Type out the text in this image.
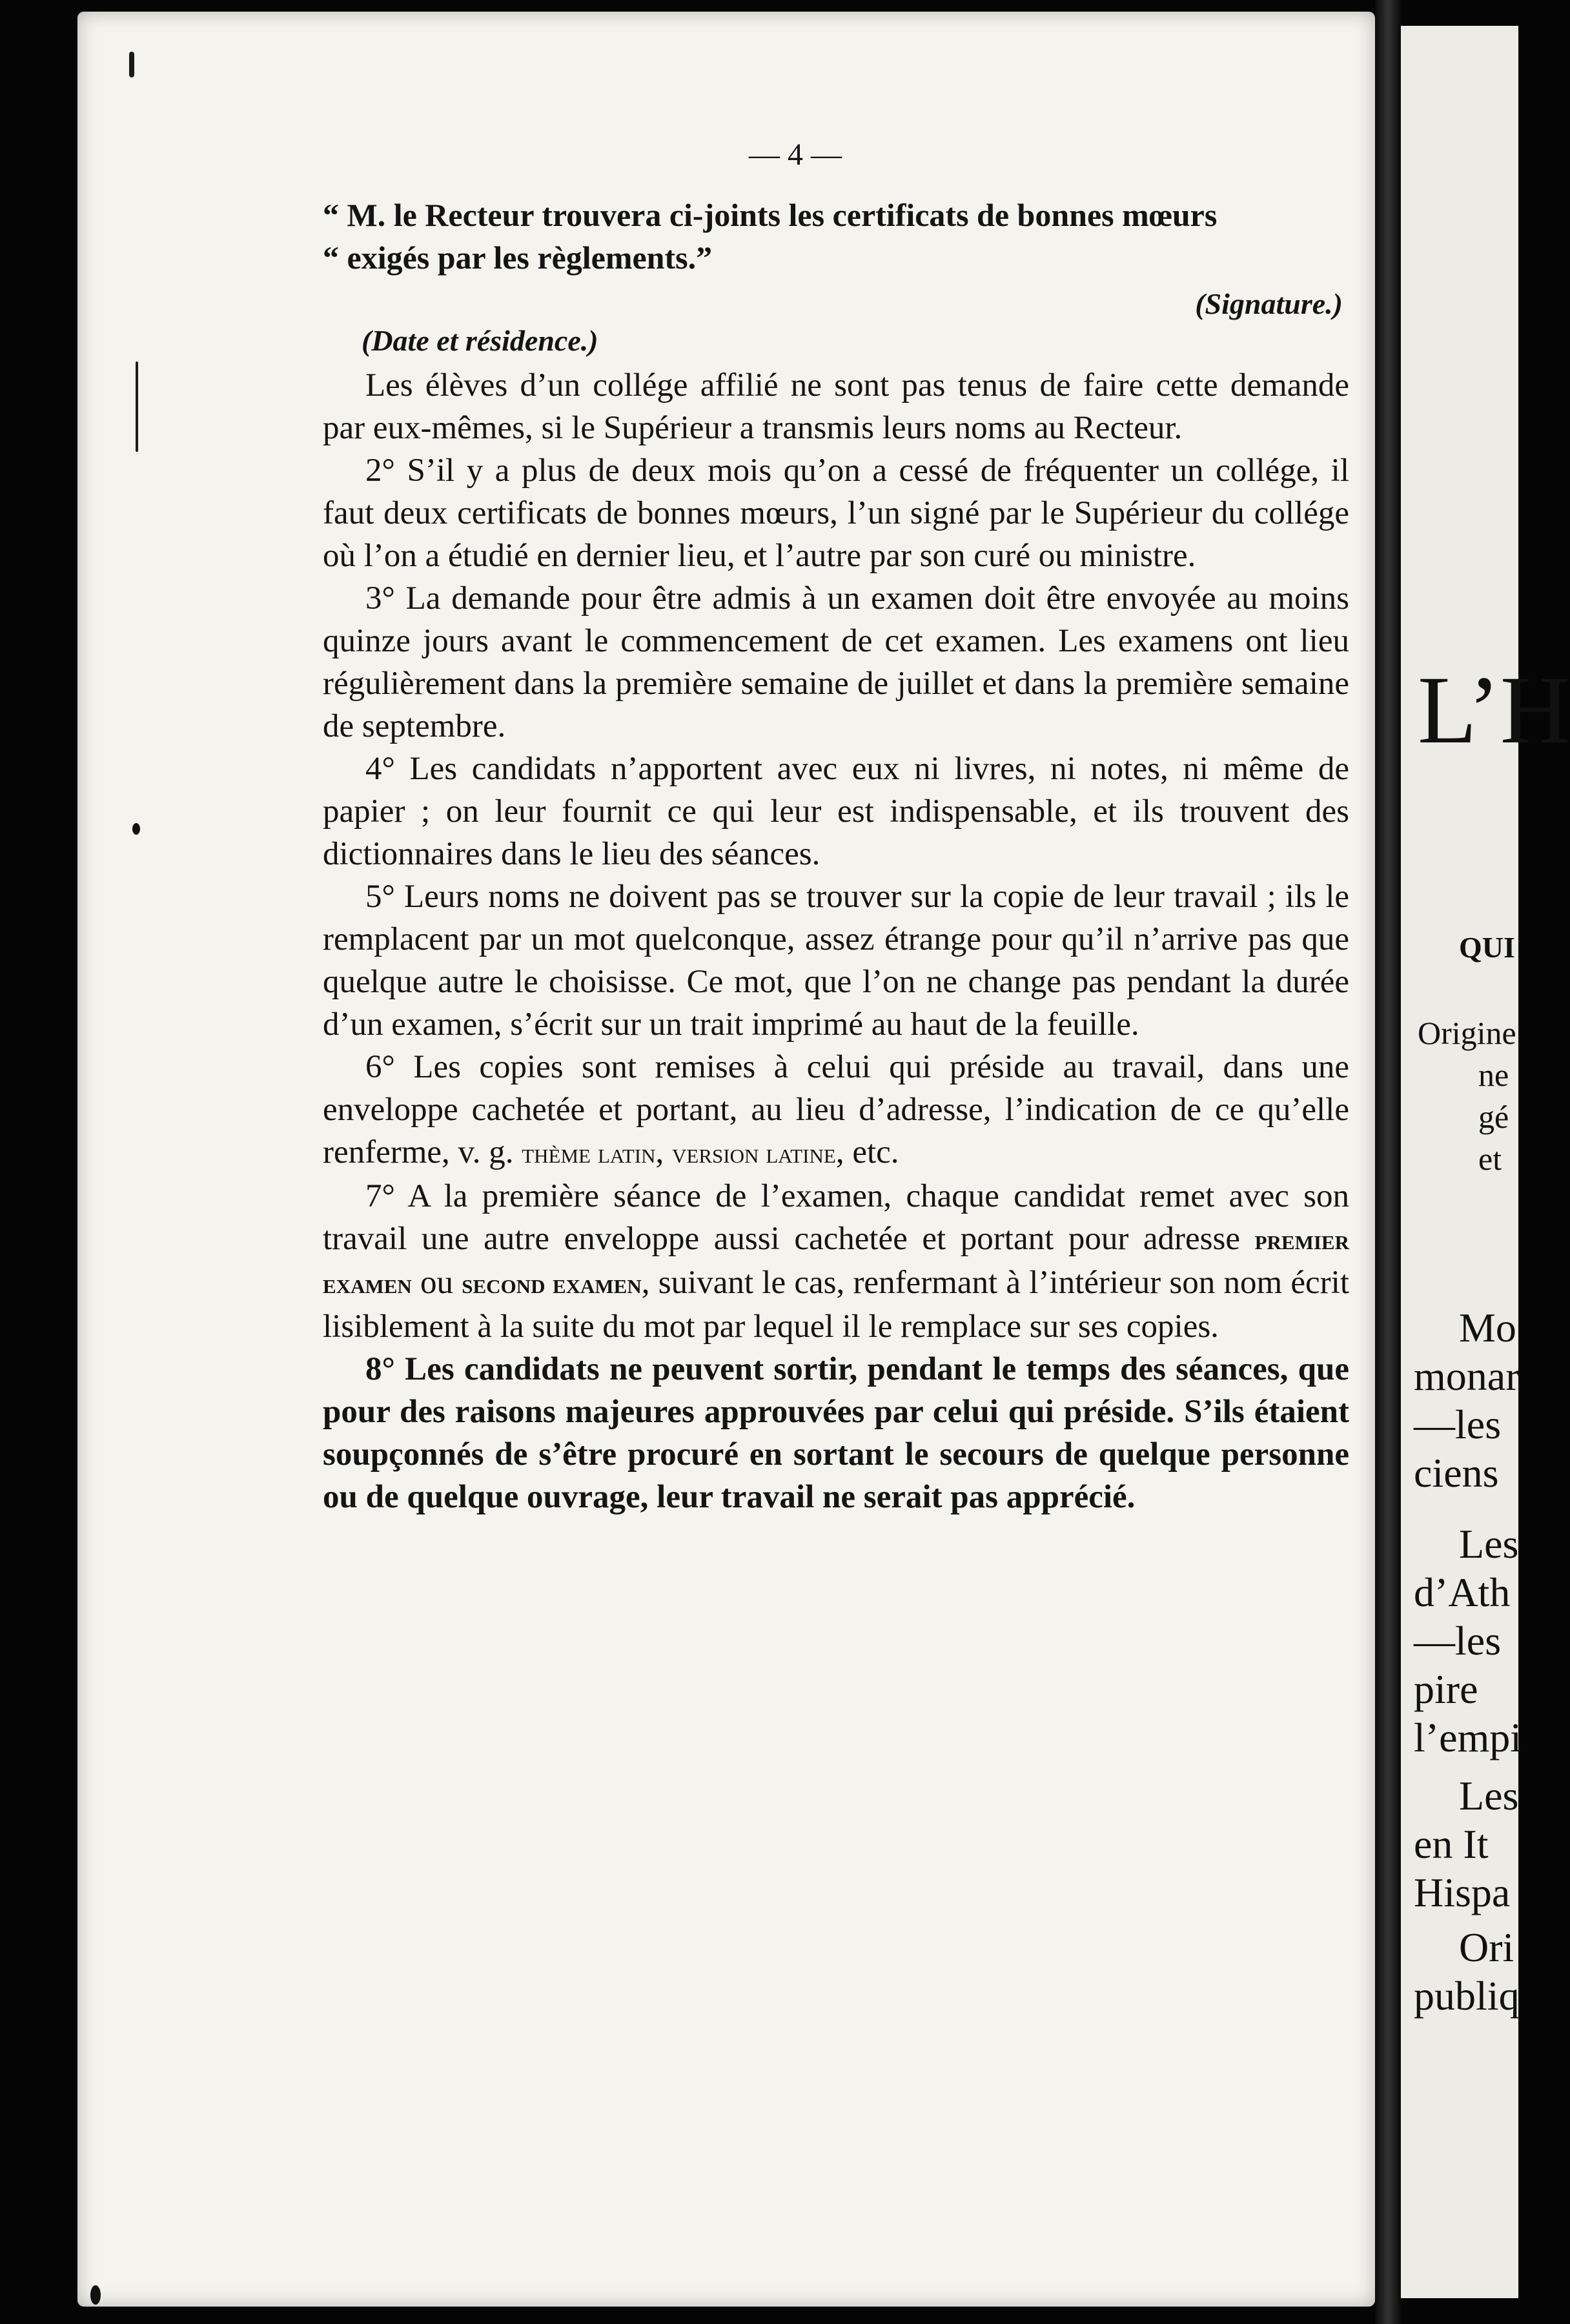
— 4 —

“ M. le Recteur trouvera ci-joints les certificats de bonnes mœurs

“ exigés par les règlements.”

(Signature.)

(Date et résidence.)

Les élèves d’un collége affilié ne sont pas tenus de faire cette demande par eux-mêmes, si le Supérieur a transmis leurs noms au Recteur.

2° S’il y a plus de deux mois qu’on a cessé de fréquenter un collége, il faut deux certificats de bonnes mœurs, l’un signé par le Supérieur du collége où l’on a étudié en dernier lieu, et l’autre par son curé ou ministre.

3° La demande pour être admis à un examen doit être envoyée au moins quinze jours avant le commencement de cet examen. Les examens ont lieu régulièrement dans la première semaine de juillet et dans la première semaine de septembre.

4° Les candidats n’apportent avec eux ni livres, ni notes, ni même de papier ; on leur fournit ce qui leur est indispensable, et ils trouvent des dictionnaires dans le lieu des séances.

5° Leurs noms ne doivent pas se trouver sur la copie de leur travail ; ils le remplacent par un mot quelconque, assez étrange pour qu’il n’arrive pas que quelque autre le choisisse. Ce mot, que l’on ne change pas pendant la durée d’un examen, s’écrit sur un trait imprimé au haut de la feuille.

6° Les copies sont remises à celui qui préside au travail, dans une enveloppe cachetée et portant, au lieu d’adresse, l’indication de ce qu’elle renferme, v. g. thème latin, version latine, etc.

7° A la première séance de l’examen, chaque candidat remet avec son travail une autre enveloppe aussi cachetée et portant pour adresse premier examen ou second examen, suivant le cas, renfermant à l’intérieur son nom écrit lisiblement à la suite du mot par lequel il le remplace sur ses copies.

8° Les candidats ne peuvent sortir, pendant le temps des séances, que pour des raisons majeures approuvées par celui qui préside. S’ils étaient soupçonnés de s’être procuré en sortant le secours de quelque personne ou de quelque ouvrage, leur travail ne serait pas apprécié.

L’H
QUI
Origine
ne
gé
et
Mo
monar
—les
ciens
Les
d’Ath
—les
pire
l’empi
Les
en It
Hispa
Ori
publiq
